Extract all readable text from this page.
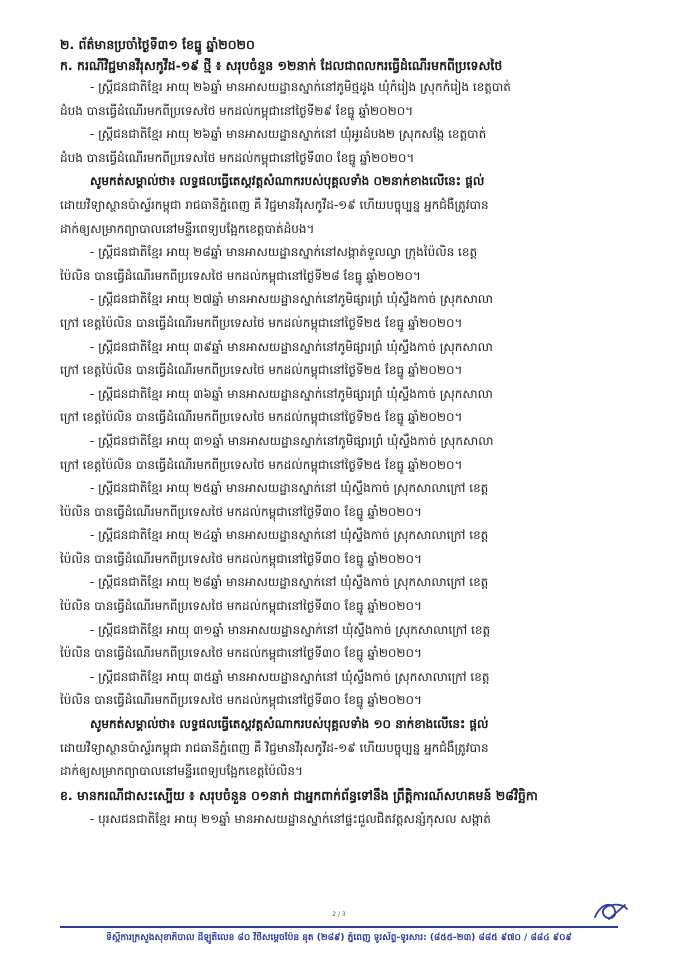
២. ព័ត៌មានប្រចាំថ្ងៃទី៣១ ខែធ្នូ ឆ្នាំ២០២០
ក. ករណីវិជ្ជមានវីរុសកូវីដ-១៩ ថ្មី ៖ សរុបចំនួន ១២នាក់ ដែលជាពលករធ្វើដំណើរមកពីប្រទេសថៃ
- ស្ត្រីជនជាតិខ្មែរ អាយុ ២៦ឆ្នាំ មានអាសយដ្ឋានស្នាក់នៅភូមិថ្មដូង ឃុំកំរៀង ស្រុកកំរៀង ខេត្តបាត់
ដំបង បានធ្វើដំណើរមកពីប្រទេសថៃ មកដល់កម្ពុជានៅថ្ងៃទី២៩ ខែធ្នូ ឆ្នាំ២០២០។
- ស្ត្រីជនជាតិខ្មែរ អាយុ ២៦ឆ្នាំ មានអាសយដ្ឋានស្នាក់នៅ ឃុំអូរដំបង២ ស្រុកសង្កែ ខេត្តបាត់
ដំបង បានធ្វើដំណើរមកពីប្រទេសថៃ មកដល់កម្ពុជានៅថ្ងៃទី៣០ ខែធ្នូ ឆ្នាំ២០២០។
សូមកត់សម្គាល់ថា៖ លទ្ធផលធ្វើតេស្តវត្តសំណាករបស់បុគ្គលទាំង ០២នាក់ខាងលើនេះ ផ្តល់
ដោយវិទ្យាស្ថានប៉ាស្ទ័រកម្ពុជា រាជធានីភ្នំពេញ គឺ វិជ្ជមានវីរុសកូវីដ-១៩ ហើយបច្ចុប្បន្ន អ្នកជំងឺត្រូវបាន
ដាក់ឲ្យសម្រាកព្យាបាលនៅមន្ទីរពេទ្យបង្អែកខេត្តបាត់ដំបង។
- ស្ត្រីជនជាតិខ្មែរ អាយុ ២៨ឆ្នាំ មានអាសយដ្ឋានស្នាក់នៅសង្កាត់ទួលល្វា ក្រុងប៉ៃលិន ខេត្ត
ប៉ៃលិន បានធ្វើដំណើរមកពីប្រទេសថៃ មកដល់កម្ពុជានៅថ្ងៃទី២៨ ខែធ្នូ ឆ្នាំ២០២០។
- ស្ត្រីជនជាតិខ្មែរ អាយុ ២៧ឆ្នាំ មានអាសយដ្ឋានស្នាក់នៅភូមិផ្សារព្រំ ឃុំស្ទឹងកាច់ ស្រុកសាលា
ក្រៅ ខេត្តប៉ៃលិន បានធ្វើដំណើរមកពីប្រទេសថៃ មកដល់កម្ពុជានៅថ្ងៃទី២៥ ខែធ្នូ ឆ្នាំ២០២០។
- ស្ត្រីជនជាតិខ្មែរ អាយុ ៣៩ឆ្នាំ មានអាសយដ្ឋានស្នាក់នៅភូមិផ្សារព្រំ ឃុំស្ទឹងកាច់ ស្រុកសាលា
ក្រៅ ខេត្តប៉ៃលិន បានធ្វើដំណើរមកពីប្រទេសថៃ មកដល់កម្ពុជានៅថ្ងៃទី២៥ ខែធ្នូ ឆ្នាំ២០២០។
- ស្ត្រីជនជាតិខ្មែរ អាយុ ៣៦ឆ្នាំ មានអាសយដ្ឋានស្នាក់នៅភូមិផ្សារព្រំ ឃុំស្ទឹងកាច់ ស្រុកសាលា
ក្រៅ ខេត្តប៉ៃលិន បានធ្វើដំណើរមកពីប្រទេសថៃ មកដល់កម្ពុជានៅថ្ងៃទី២៥ ខែធ្នូ ឆ្នាំ២០២០។
- ស្ត្រីជនជាតិខ្មែរ អាយុ ៣១ឆ្នាំ មានអាសយដ្ឋានស្នាក់នៅភូមិផ្សារព្រំ ឃុំស្ទឹងកាច់ ស្រុកសាលា
ក្រៅ ខេត្តប៉ៃលិន បានធ្វើដំណើរមកពីប្រទេសថៃ មកដល់កម្ពុជានៅថ្ងៃទី២៥ ខែធ្នូ ឆ្នាំ២០២០។
- ស្ត្រីជនជាតិខ្មែរ អាយុ ២៥ឆ្នាំ មានអាសយដ្ឋានស្នាក់នៅ ឃុំស្ទឹងកាច់ ស្រុកសាលាក្រៅ ខេត្ត
ប៉ៃលិន បានធ្វើដំណើរមកពីប្រទេសថៃ មកដល់កម្ពុជានៅថ្ងៃទី៣០ ខែធ្នូ ឆ្នាំ២០២០។
- ស្ត្រីជនជាតិខ្មែរ អាយុ ២៤ឆ្នាំ មានអាសយដ្ឋានស្នាក់នៅ ឃុំស្ទឹងកាច់ ស្រុកសាលាក្រៅ ខេត្ត
ប៉ៃលិន បានធ្វើដំណើរមកពីប្រទេសថៃ មកដល់កម្ពុជានៅថ្ងៃទី៣០ ខែធ្នូ ឆ្នាំ២០២០។
- ស្ត្រីជនជាតិខ្មែរ អាយុ ២៨ឆ្នាំ មានអាសយដ្ឋានស្នាក់នៅ ឃុំស្ទឹងកាច់ ស្រុកសាលាក្រៅ ខេត្ត
ប៉ៃលិន បានធ្វើដំណើរមកពីប្រទេសថៃ មកដល់កម្ពុជានៅថ្ងៃទី៣០ ខែធ្នូ ឆ្នាំ២០២០។
- ស្ត្រីជនជាតិខ្មែរ អាយុ ៣១ឆ្នាំ មានអាសយដ្ឋានស្នាក់នៅ ឃុំស្ទឹងកាច់ ស្រុកសាលាក្រៅ ខេត្ត
ប៉ៃលិន បានធ្វើដំណើរមកពីប្រទេសថៃ មកដល់កម្ពុជានៅថ្ងៃទី៣០ ខែធ្នូ ឆ្នាំ២០២០។
- ស្ត្រីជនជាតិខ្មែរ អាយុ ៣៥ឆ្នាំ មានអាសយដ្ឋានស្នាក់នៅ ឃុំស្ទឹងកាច់ ស្រុកសាលាក្រៅ ខេត្ត
ប៉ៃលិន បានធ្វើដំណើរមកពីប្រទេសថៃ មកដល់កម្ពុជានៅថ្ងៃទី៣០ ខែធ្នូ ឆ្នាំ២០២០។
សូមកត់សម្គាល់ថា៖ លទ្ធផលធ្វើតេស្តវត្តសំណាករបស់បុគ្គលទាំង ១០ នាក់ខាងលើនេះ ផ្តល់
ដោយវិទ្យាស្ថានប៉ាស្ទ័រកម្ពុជា រាជធានីភ្នំពេញ គឺ វិជ្ជមានវីរុសកូវីដ-១៩ ហើយបច្ចុប្បន្ន អ្នកជំងឺត្រូវបាន
ដាក់ឲ្យសម្រាកព្យាបាលនៅមន្ទីរពេទ្យបង្អែកខេត្តប៉ៃលិន។
ខ. មានករណីជាសះស្បើយ ៖ សរុបចំនួន ០១នាក់ ជាអ្នកពាក់ព័ន្ធទៅនឹង ព្រឹត្តិការណ៍សហគមន៍ ២៨វិច្ឆិកា
- បុរសជនជាតិខ្មែរ អាយុ ២១ឆ្នាំ មានអាសយដ្ឋានស្នាក់នៅផ្ទះជួលជិតវត្តសន្សំកុសល សង្កាត់
2 / 3
ទីស្តីការក្រសួងសុខាភិបាល ដីឡូតិ៍លេខ ៨០ វិថីសម្តេចប៉ែន នុត (២៨៩) ភ្នំពេញ ទូរស័ព្ទ-ទូរសារ: (៨៥៥-២៣) ៨៨៥ ៩៧០ / ៨៨៤ ៩០៩
